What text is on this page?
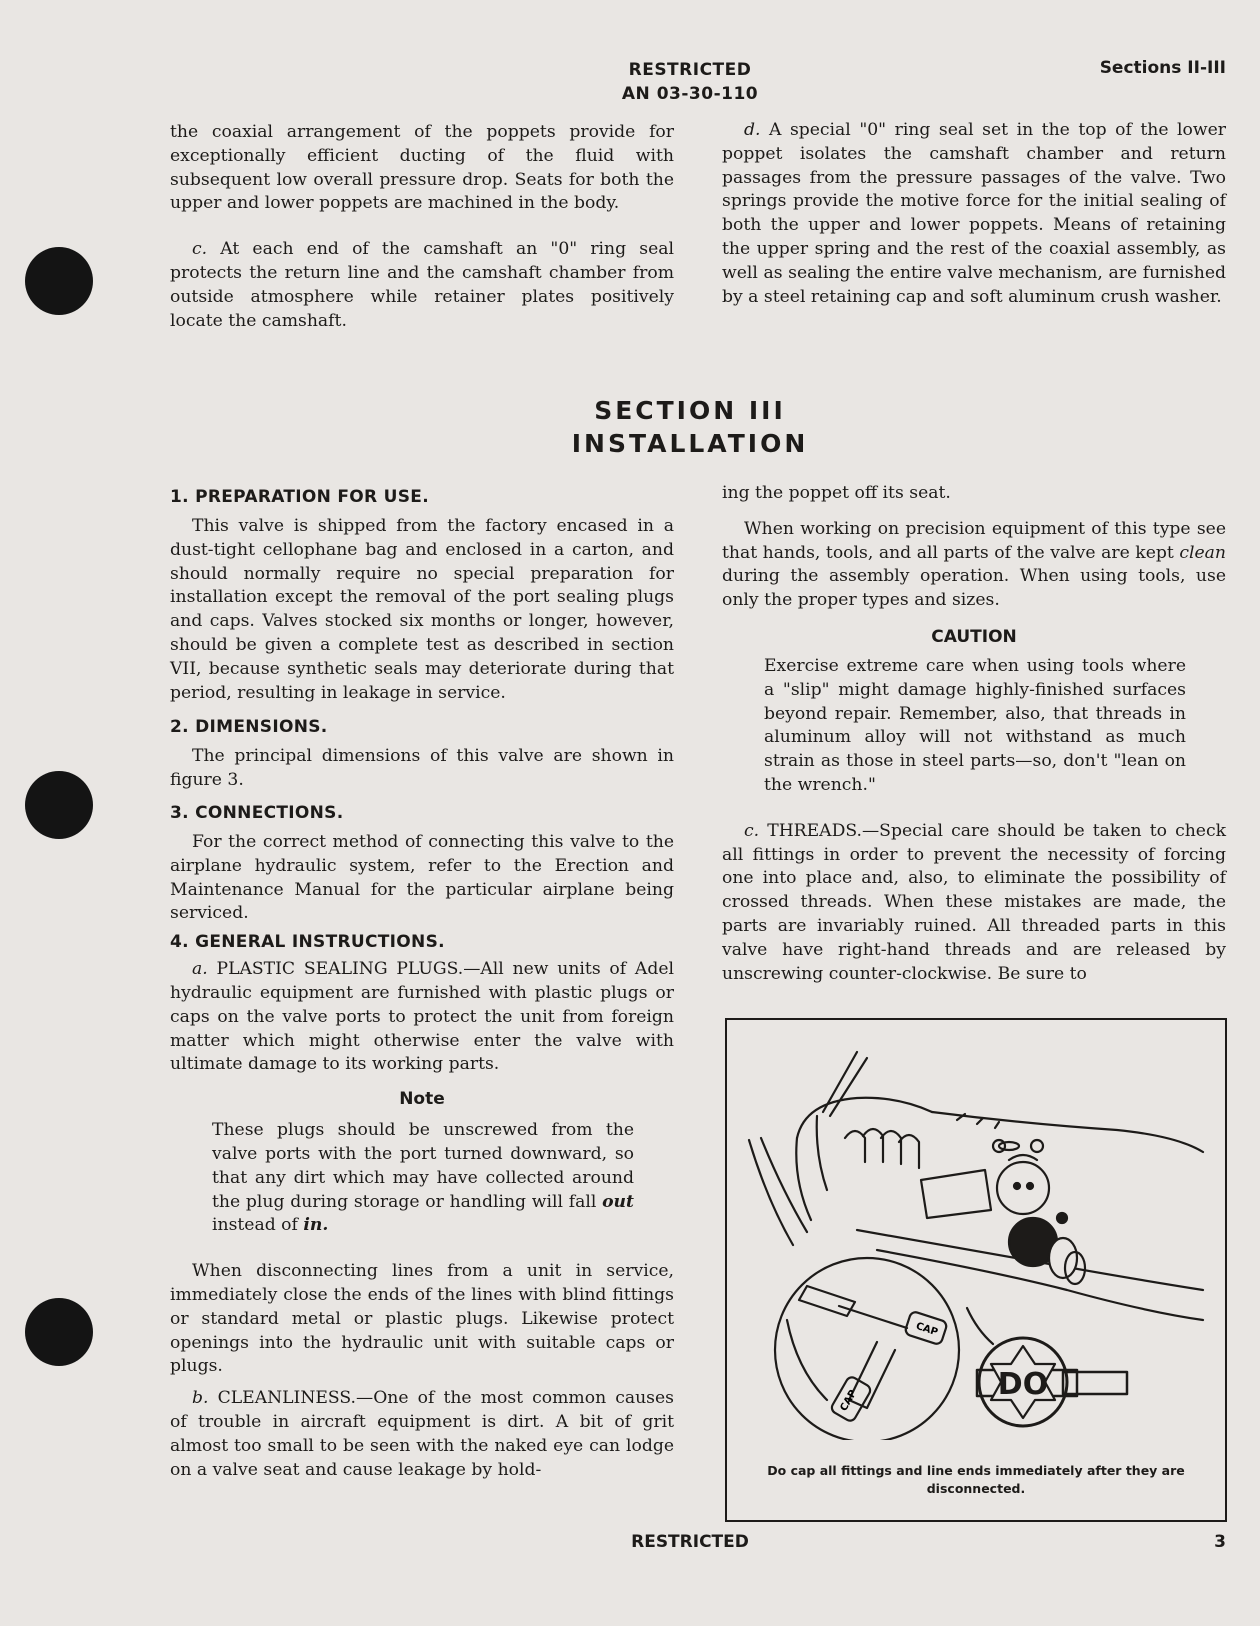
RESTRICTED
AN 03-30-110
Sections II-III

the coaxial arrangement of the poppets provide for exceptionally efficient ducting of the fluid with subsequent low overall pressure drop. Seats for both the upper and lower poppets are machined in the body.

c. At each end of the camshaft an "0" ring seal protects the return line and the camshaft chamber from outside atmosphere while retainer plates positively locate the camshaft.

d. A special "0" ring seal set in the top of the lower poppet isolates the camshaft chamber and return passages from the pressure passages of the valve. Two springs provide the motive force for the initial sealing of both the upper and lower poppets. Means of retaining the upper spring and the rest of the coaxial assembly, as well as sealing the entire valve mechanism, are furnished by a steel retaining cap and soft aluminum crush washer.

SECTION III
INSTALLATION
1. PREPARATION FOR USE.

This valve is shipped from the factory encased in a dust-tight cellophane bag and enclosed in a carton, and should normally require no special preparation for installation except the removal of the port sealing plugs and caps. Valves stocked six months or longer, however, should be given a complete test as described in section VII, because synthetic seals may deteriorate during that period, resulting in leakage in service.

2. DIMENSIONS.

The principal dimensions of this valve are shown in figure 3.

3. CONNECTIONS.

For the correct method of connecting this valve to the airplane hydraulic system, refer to the Erection and Maintenance Manual for the particular airplane being serviced.

4. GENERAL INSTRUCTIONS.

a. PLASTIC SEALING PLUGS.—All new units of Adel hydraulic equipment are furnished with plastic plugs or caps on the valve ports to protect the unit from foreign matter which might otherwise enter the valve with ultimate damage to its working parts.

Note

These plugs should be unscrewed from the valve ports with the port turned downward, so that any dirt which may have collected around the plug during storage or handling will fall out instead of in.

When disconnecting lines from a unit in service, immediately close the ends of the lines with blind fittings or standard metal or plastic plugs. Likewise protect openings into the hydraulic unit with suitable caps or plugs.

b. CLEANLINESS.—One of the most common causes of trouble in aircraft equipment is dirt. A bit of grit almost too small to be seen with the naked eye can lodge on a valve seat and cause leakage by hold-

ing the poppet off its seat.

When working on precision equipment of this type see that hands, tools, and all parts of the valve are kept clean during the assembly operation. When using tools, use only the proper types and sizes.

CAUTION

Exercise extreme care when using tools where a "slip" might damage highly-finished surfaces beyond repair. Remember, also, that threads in aluminum alloy will not withstand as much strain as those in steel parts—so, don't "lean on the wrench."

c. THREADS.—Special care should be taken to check all fittings in order to prevent the necessity of forcing one into place and, also, to eliminate the possibility of crossed threads. When these mistakes are made, the parts are invariably ruined. All threaded parts in this valve have right-hand threads and are released by unscrewing counter-clockwise. Be sure to

CAP
CAP	DO
Do cap all fittings and line ends immediately after they are disconnected.
RESTRICTED	3
